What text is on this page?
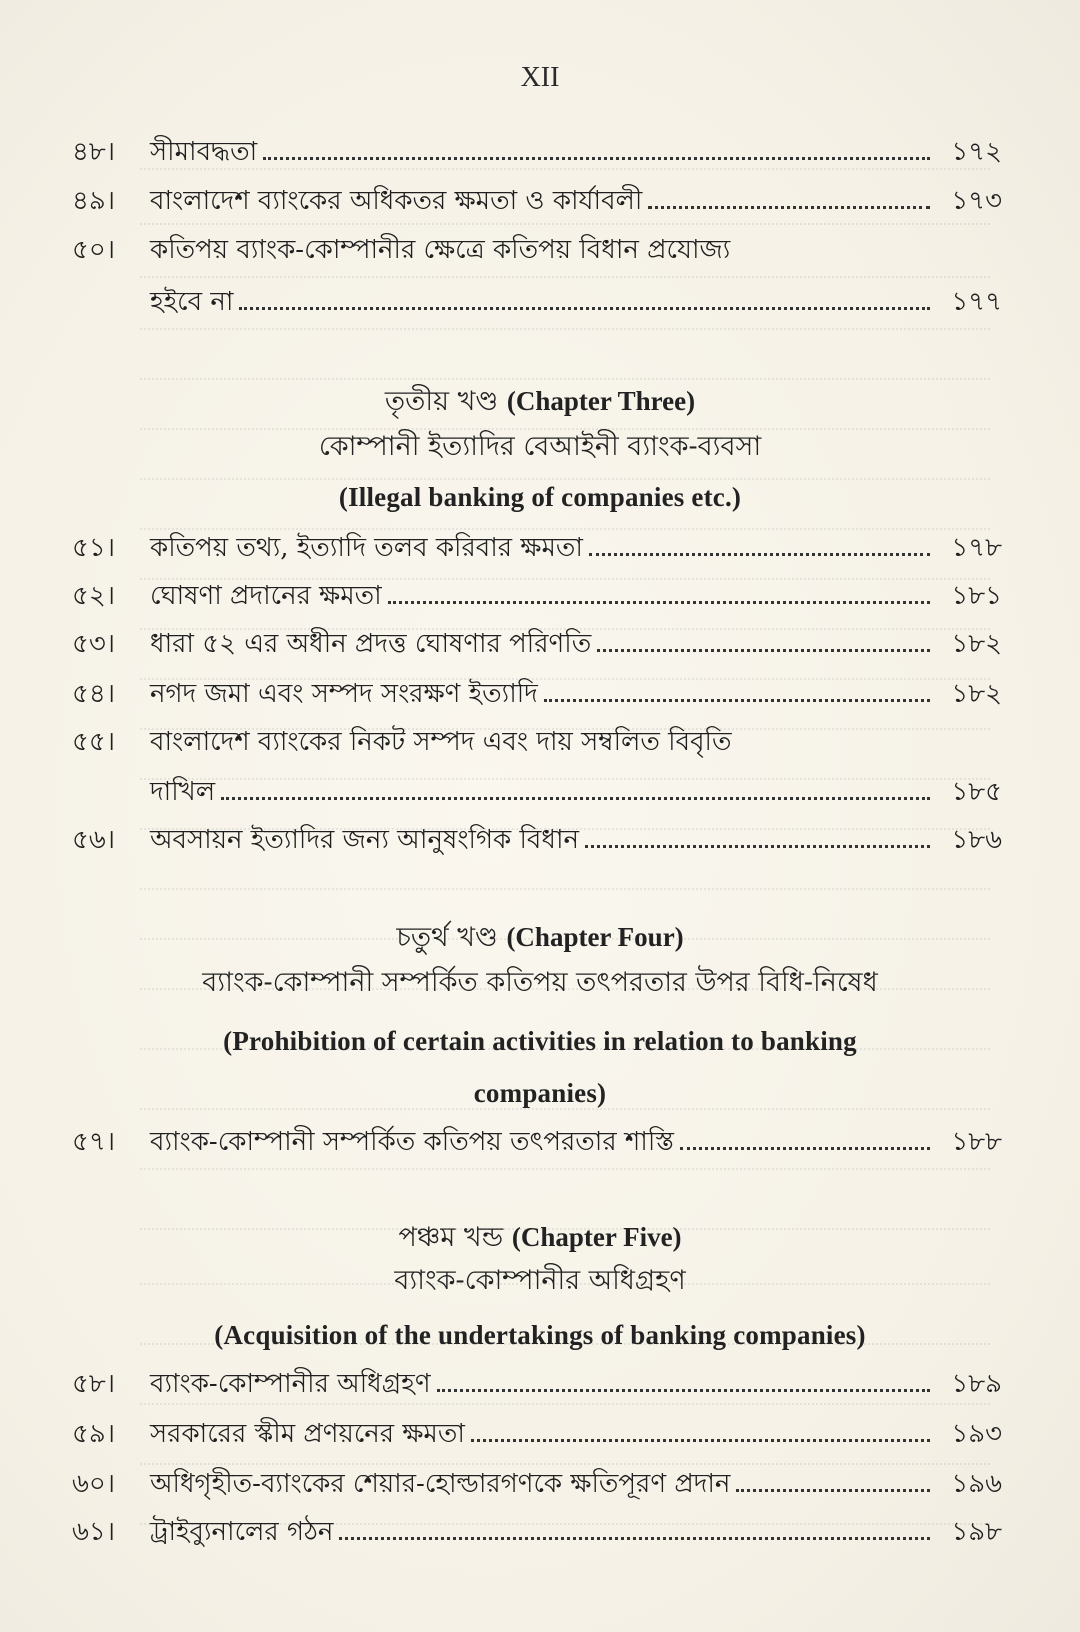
XII
৪৮।	সীমাবদ্ধতা	১৭২
৪৯।	বাংলাদেশ ব্যাংকের অধিকতর ক্ষমতা ও কার্যাবলী	১৭৩
৫০।	কতিপয় ব্যাংক-কোম্পানীর ক্ষেত্রে কতিপয় বিধান প্রযোজ্য
হইবে না	১৭৭
তৃতীয় খণ্ড (Chapter Three)
কোম্পানী ইত্যাদির বেআইনী ব্যাংক-ব্যবসা
(Illegal banking of companies etc.)
৫১।	কতিপয় তথ্য, ইত্যাদি তলব করিবার ক্ষমতা	১৭৮
৫২।	ঘোষণা প্রদানের ক্ষমতা	১৮১
৫৩।	ধারা ৫২ এর অধীন প্রদত্ত ঘোষণার পরিণতি	১৮২
৫৪।	নগদ জমা এবং সম্পদ সংরক্ষণ ইত্যাদি	১৮২
৫৫।	বাংলাদেশ ব্যাংকের নিকট সম্পদ এবং দায় সম্বলিত বিবৃতি
দাখিল	১৮৫
৫৬।	অবসায়ন ইত্যাদির জন্য আনুষংগিক বিধান	১৮৬
চতুর্থ খণ্ড (Chapter Four)
ব্যাংক-কোম্পানী সম্পর্কিত কতিপয় তৎপরতার উপর বিধি-নিষেধ
(Prohibition of certain activities in relation to banking
companies)
৫৭।	ব্যাংক-কোম্পানী সম্পর্কিত কতিপয় তৎপরতার শাস্তি	১৮৮
পঞ্চম খন্ড (Chapter Five)
ব্যাংক-কোম্পানীর অধিগ্রহণ
(Acquisition of the undertakings of banking companies)
৫৮।	ব্যাংক-কোম্পানীর অধিগ্রহণ	১৮৯
৫৯।	সরকারের স্কীম প্রণয়নের ক্ষমতা	১৯৩
৬০।	অধিগৃহীত-ব্যাংকের শেয়ার-হোল্ডারগণকে ক্ষতিপূরণ প্রদান	১৯৬
৬১।	ট্রাইব্যুনালের গঠন	১৯৮
